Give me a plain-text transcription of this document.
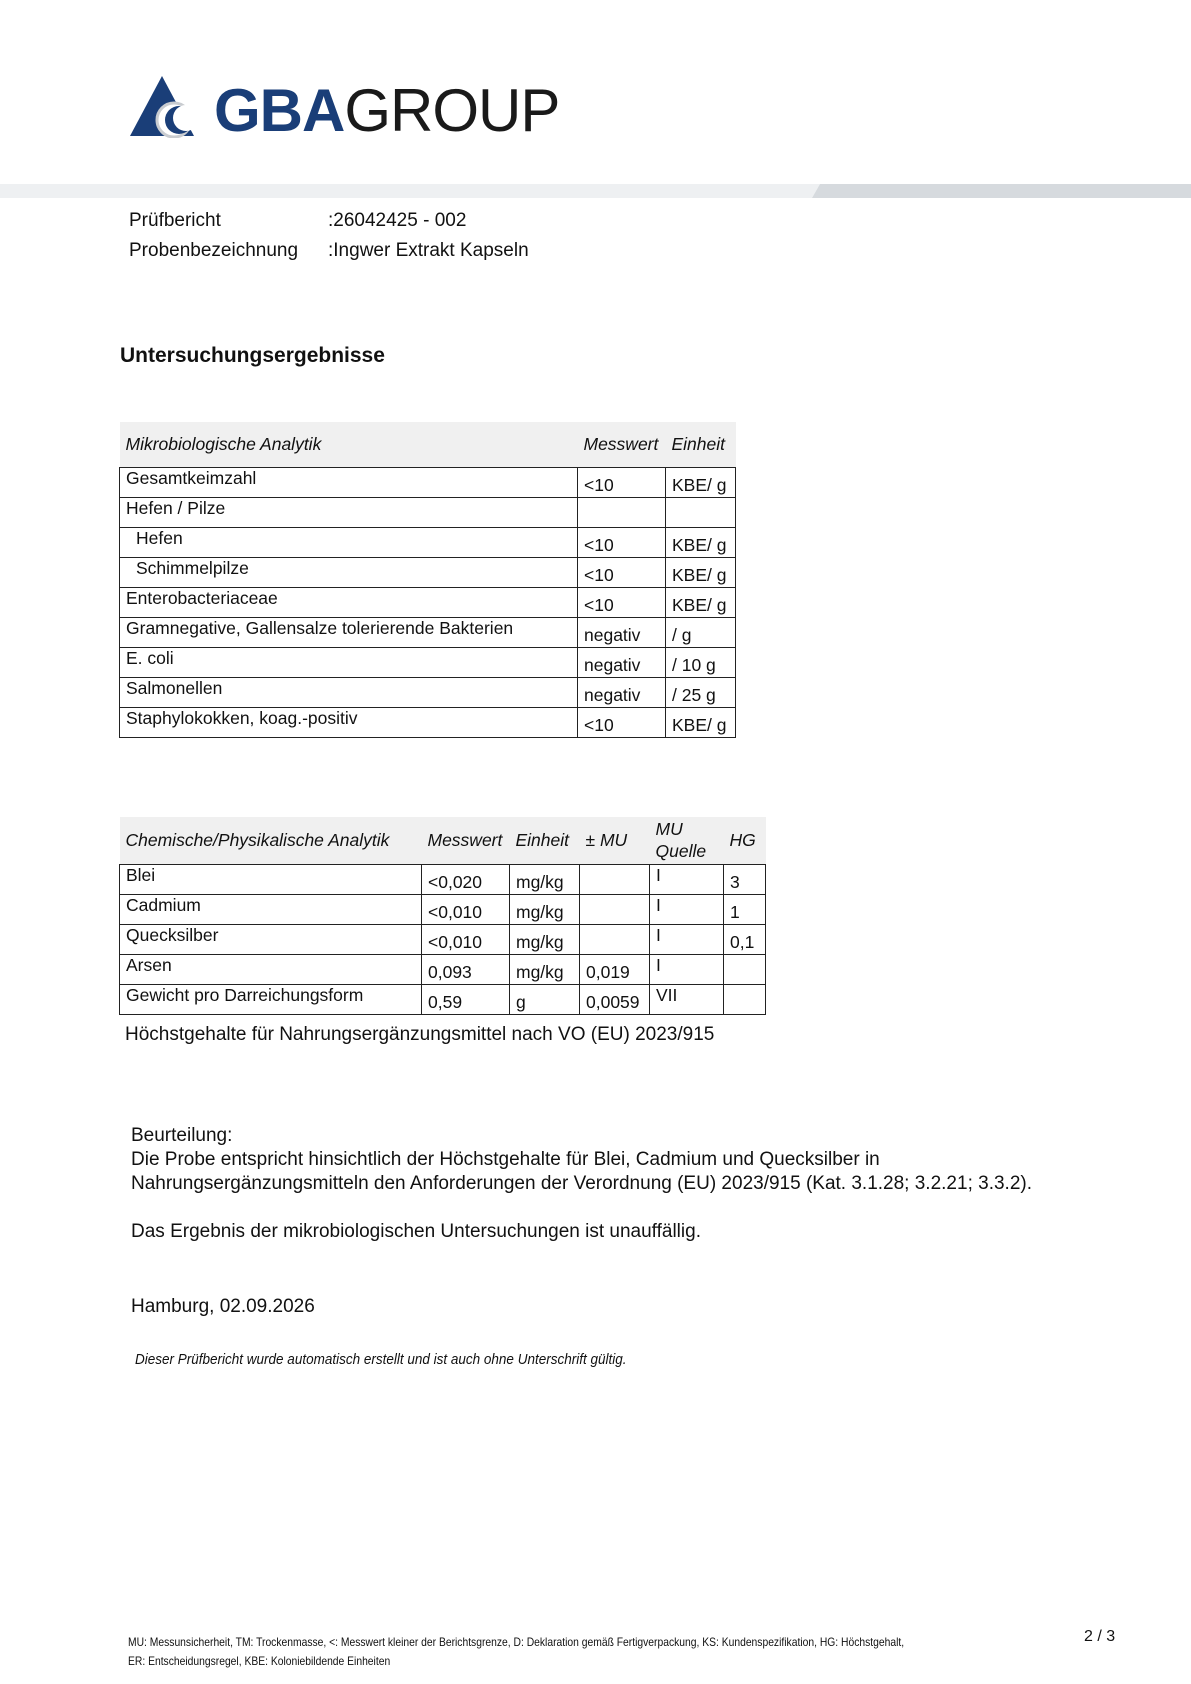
GBAGROUP
Prüfbericht	:26042425 - 002
Probenbezeichnung :Ingwer Extrakt Kapseln
Untersuchungsergebnisse
Mikrobiologische Analytik	Messwert	Einheit
Gesamtkeimzahl	<10	KBE/ g
Hefen / Pilze		
Hefen	<10	KBE/ g
Schimmelpilze	<10	KBE/ g
Enterobacteriaceae	<10	KBE/ g
Gramnegative, Gallensalze tolerierende Bakterien	negativ	/ g
E. coli	negativ	/ 10 g
Salmonellen	negativ	/ 25 g
Staphylokokken, koag.-positiv	<10	KBE/ g
Chemische/Physikalische Analytik	Messwert	Einheit	± MU	MU Quelle	HG
Blei	<0,020	mg/kg		I	3
Cadmium	<0,010	mg/kg		I	1
Quecksilber	<0,010	mg/kg		I	0,1
Arsen	0,093	mg/kg	0,019	I	
Gewicht pro Darreichungsform	0,59	g	0,0059	VII	
Höchstgehalte für Nahrungsergänzungsmittel nach VO (EU) 2023/915
Beurteilung:
Die Probe entspricht hinsichtlich der Höchstgehalte für Blei, Cadmium und Quecksilber in
Nahrungsergänzungsmitteln den Anforderungen der Verordnung (EU) 2023/915 (Kat. 3.1.28; 3.2.21; 3.3.2).
Das Ergebnis der mikrobiologischen Untersuchungen ist unauffällig.
Hamburg, 02.09.2026
Dieser Prüfbericht wurde automatisch erstellt und ist auch ohne Unterschrift gültig.
MU: Messunsicherheit, TM: Trockenmasse, <: Messwert kleiner der Berichtsgrenze, D: Deklaration gemäß Fertigverpackung, KS: Kundenspezifikation, HG: Höchstgehalt,
ER: Entscheidungsregel, KBE: Koloniebildende Einheiten
2 / 3
